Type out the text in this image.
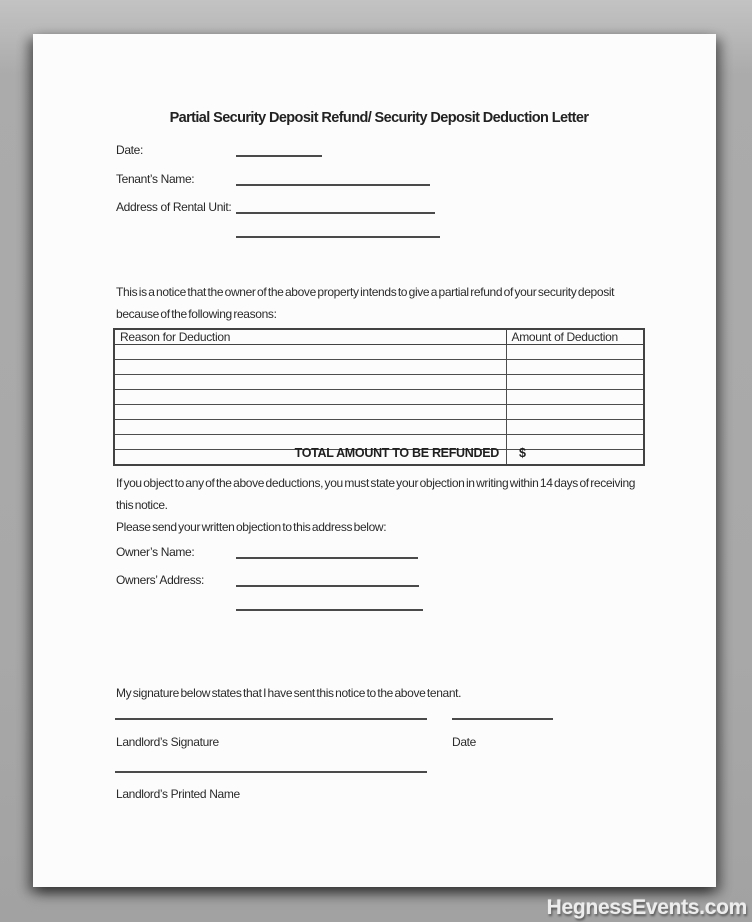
Partial Security Deposit Refund/ Security Deposit Deduction Letter
Date:
Tenant’s Name:
Address of Rental Unit:

This is a notice that the owner of the above property intends to give a partial refund of your security deposit because of the following reasons:

Reason for Deduction	Amount of Deduction

TOTAL AMOUNT TO BE REFUNDED	$

If you object to any of the above deductions, you must state your objection in writing within 14 days of receiving this notice.

Please send your written objection to this address below:

Owner’s Name:
Owners’ Address:

My signature below states that I have sent this notice to the above tenant.

Landlord’s Signature	Date
Landlord’s Printed Name
HegnessEvents.com
